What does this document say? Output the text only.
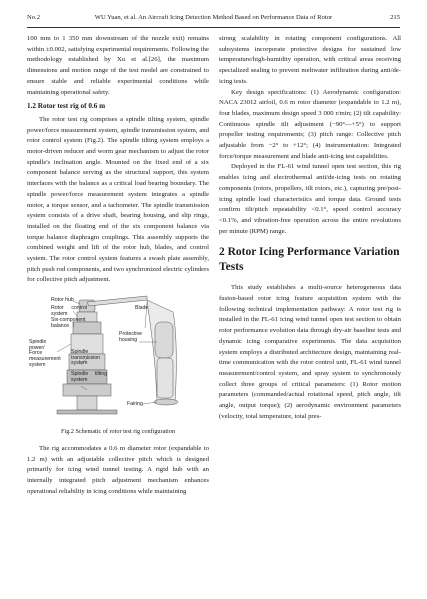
No.2	WU Yuan, et al. An Aircraft Icing Detection Method Based on Performance Data of Rotor	215

100 mm to 1 350 mm downstream of the nozzle exit) remains within ±0.002, satisfying experimental requirements. Following the methodology established by Xu et al.[26], the maximum dimensions and motion range of the test model are constrained to ensure stable and reliable experimental conditions while maintaining operational safety.

1.2 Rotor test rig of 0.6 m

The rotor test rig comprises a spindle tilting system, spindle power/force measurement system, spindle transmission system, and rotor control system (Fig.2). The spindle tilting system employs a motor-driven reducer and worm gear mechanism to adjust the rotor spindle's inclination angle. Mounted on the fixed end of a six component balance serving as the structural support, this system interfaces with the balance as a critical load bearing boundary. The spindle power/force measurement system integrates a spindle motor, a torque sensor, and a tachometer. The spindle transmission system consists of a drive shaft, bearing housing, and slip rings, installed on the floating end of the six component balance via torque balance diaphragm couplings. This assembly supports the combined weight and lift of the rotor hub, blades, and control system. The rotor control system features a swash plate assembly, pitch push rod components, and two synchronized electric cylinders for collective pitch adjustment.

Rotor hub
Rotor control system
Six-component balance
Spindle power/ Force measurement system
Spindle transmission system
Spindle tilting system
Blade
Protective housing
Fairing

Fig.2 Schematic of rotor test rig configuration

The rig accommodates a 0.6 m diameter rotor (expandable to 1.2 m) with an adjustable collective pitch which is designed primarily for icing wind tunnel testing. A rigid hub with an internally integrated pitch adjustment mechanism enhances operational reliability in icing conditions while maintaining

strong scalability in rotating component configurations. All subsystems incorporate protective designs for sustained low temperature/high-humidity operation, with critical areas receiving specialized sealing to prevent meltwater infiltration during anti/de-icing tests.

Key design specifications: (1) Aerodynamic configuration: NACA 23012 airfoil, 0.6 m rotor diameter (expandable to 1.2 m), four blades, maximum design speed 3 000 r/min; (2) tilt capability: Continuous spindle tilt adjustment (−90°—+5°) to support propeller testing requirements; (3) pitch range: Collective pitch adjustable from −2° to +12°; (4) instrumentation: Integrated force/torque measurement and blade anti-icing test capabilities.

Deployed in the FL-61 wind tunnel open test section, this rig enables icing and electrothermal anti/de-icing tests on rotating components (rotors, propellers, tilt rotors, etc.), capturing pre/post-icing spindle load characteristics and torque data. Ground tests confirm tilt/pitch repeatability <0.1°, speed control accuracy <0.1%, and vibration-free operation across the entire revolutions per minute (RPM) range.

2 Rotor Icing Performance Variation Tests

This study establishes a multi-source heterogeneous data fusion-based rotor icing feature acquisition system with the following technical implementation pathway: A rotor test rig is installed in the FL-61 icing wind tunnel open test section to obtain rotor performance evolution data through dry-air baseline tests and dynamic icing comparative experiments. The data acquisition system employs a distributed architecture design, maintaining real-time communication with the rotor control unit, FL-61 wind tunnel measurement/control system, and spray system to synchronously collect three groups of critical parameters: (1) Rotor motion parameters (commanded/actual rotational speed, pitch angle, tilt angle, output torque); (2) aerodynamic environment parameters (velocity, total temperature, total pres-
